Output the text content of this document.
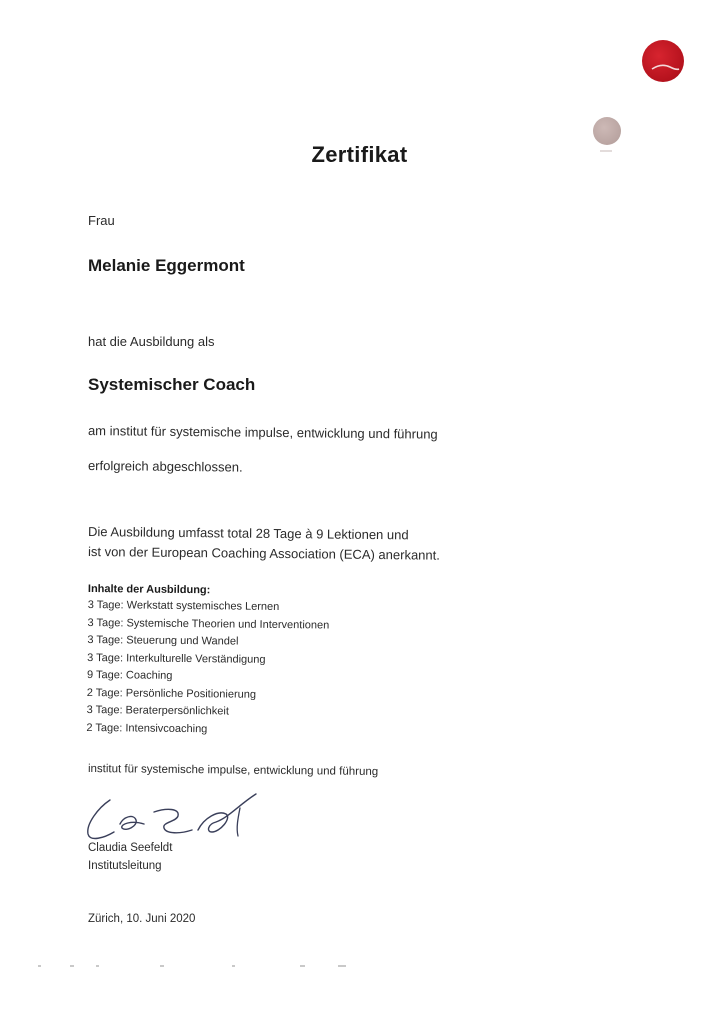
Zertifikat
Frau
Melanie Eggermont
hat die Ausbildung als
Systemischer Coach
am institut für systemische impulse, entwicklung und führung
erfolgreich abgeschlossen.
Die Ausbildung umfasst total 28 Tage à 9 Lektionen und
ist von der European Coaching Association (ECA) anerkannt.
Inhalte der Ausbildung:
3 Tage: Werkstatt systemisches Lernen
3 Tage: Systemische Theorien und Interventionen
3 Tage: Steuerung und Wandel
3 Tage: Interkulturelle Verständigung
9 Tage: Coaching
2 Tage: Persönliche Positionierung
3 Tage: Beraterpersönlichkeit
2 Tage: Intensivcoaching
institut für systemische impulse, entwicklung und führung
Claudia Seefeldt
Institutsleitung
Zürich, 10. Juni 2020
